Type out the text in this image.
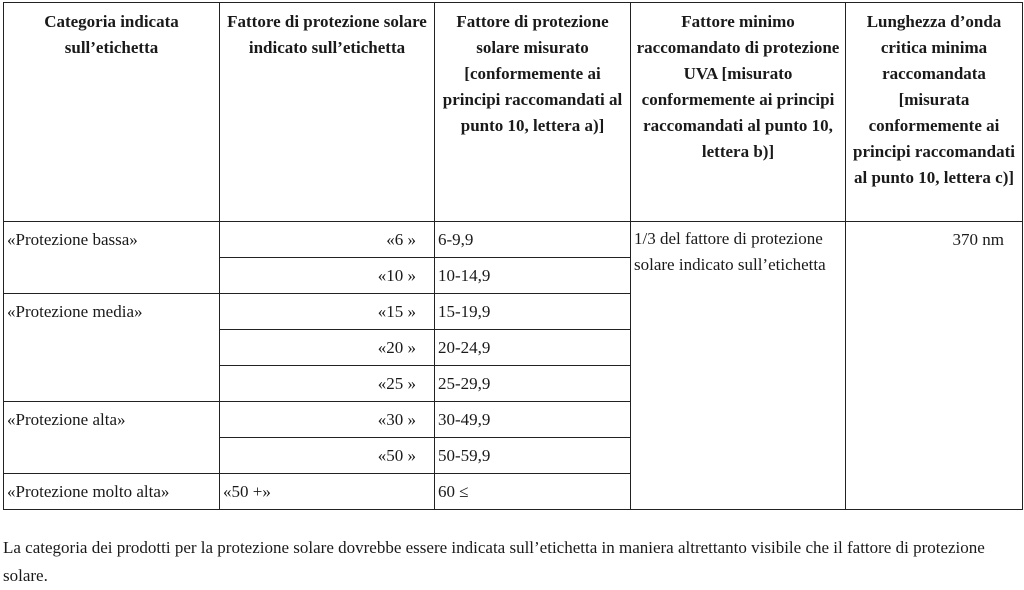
Categoria indicata sull’etichetta	Fattore di protezione solare indicato sull’etichetta	Fattore di protezione solare misurato [conformemente ai principi raccomandati al punto 10, lettera a)]	Fattore minimo raccomandato di protezione UVA [misurato conformemente ai principi raccomandati al punto 10, lettera b)]	Lunghezza d’onda critica minima raccomandata [misurata conformemente ai principi raccomandati al punto 10, lettera c)]
«Protezione bassa»	«6 »	6-9,9	1/3 del fattore di protezione solare indicato sull’etichetta	370 nm
	«10 »	10-14,9		
«Protezione media»	«15 »	15-19,9		
	«20 »	20-24,9		
	«25 »	25-29,9		
«Protezione alta»	«30 »	30-49,9		
	«50 »	50-59,9		
«Protezione molto alta»	«50 +»	60 ≤		

La categoria dei prodotti per la protezione solare dovrebbe essere indicata sull’etichetta in maniera altrettanto visibile che il fattore di protezione solare.
